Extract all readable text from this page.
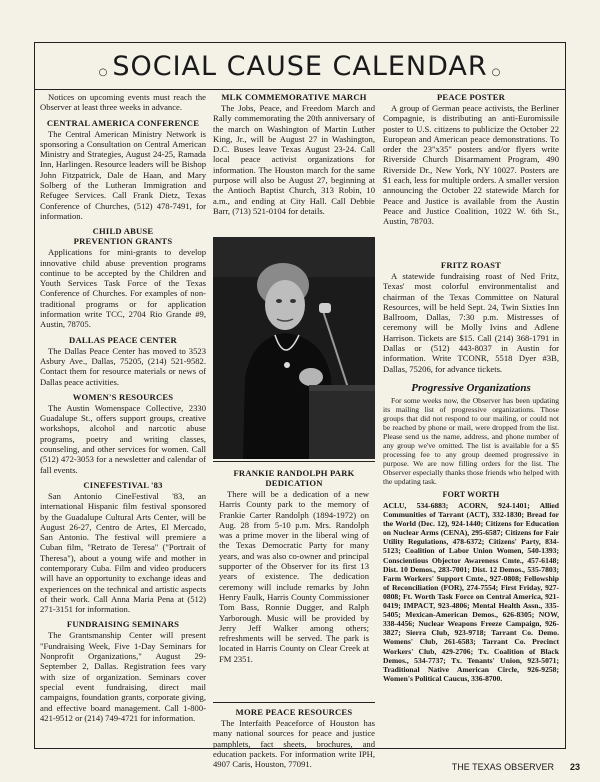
○ SOCIAL CAUSE CALENDAR ○

Notices on upcoming events must reach the Observer at least three weeks in advance.

CENTRAL AMERICA CONFERENCE

The Central American Ministry Network is sponsoring a Consultation on Central American Ministry and Strategies, August 24-25, Ramada Inn, Harlingen. Resource leaders will be Bishop John Fitzpatrick, Dale de Haan, and Mary Solberg of the Lutheran Immigration and Refugee Services. Call Frank Dietz, Texas Conference of Churches, (512) 478-7491, for information.

CHILD ABUSE PREVENTION GRANTS

Applications for mini-grants to develop innovative child abuse prevention programs continue to be accepted by the Children and Youth Services Task Force of the Texas Conference of Churches. For examples of non-traditional programs or for application information write TCC, 2704 Rio Grande #9, Austin, 78705.

DALLAS PEACE CENTER

The Dallas Peace Center has moved to 3523 Asbury Ave., Dallas, 75205, (214) 521-9582. Contact them for resource materials or news of Dallas peace activities.

WOMEN'S RESOURCES

The Austin Womenspace Collective, 2330 Guadalupe St., offers support groups, creative workshops, alcohol and narcotic abuse programs, poetry and writing classes, counseling, and other services for women. Call (512) 472-3053 for a newsletter and calendar of fall events.

CINEFESTIVAL '83

San Antonio CineFestival '83, an international Hispanic film festival sponsored by the Guadalupe Cultural Arts Center, will be August 26-27, Centro de Artes, El Mercado, San Antonio. The festival will premiere a Cuban film, "Retrato de Teresa" ("Portrait of Theresa"), about a young wife and mother in contemporary Cuba. Film and video producers will have an opportunity to exchange ideas and experiences on the technical and artistic aspects of their work. Call Anna Maria Pena at (512) 271-3151 for information.

FUNDRAISING SEMINARS

The Grantsmanship Center will present "Fundraising Week, Five 1-Day Seminars for Nonprofit Organizations," August 29-September 2, Dallas. Registration fees vary with size of organization. Seminars cover special event fundraising, direct mail campaigns, foundation grants, corporate giving, and effective board management. Call 1-800-421-9512 or (214) 749-4721 for information.

MLK COMMEMORATIVE MARCH

The Jobs, Peace, and Freedom March and Rally commemorating the 20th anniversary of the march on Washington of Martin Luther King, Jr., will be August 27 in Washington, D.C. Buses leave Texas August 23-24. Call local peace activist organizations for information. The Houston march for the same purpose will also be August 27, beginning at the Antioch Baptist Church, 313 Robin, 10 a.m., and ending at City Hall. Call Debbie Barr, (713) 521-0104 for details.

FRANKIE RANDOLPH PARK DEDICATION

There will be a dedication of a new Harris County park to the memory of Frankie Carter Randolph (1894-1972) on Aug. 28 from 5-10 p.m. Mrs. Randolph was a prime mover in the liberal wing of the Texas Democratic Party for many years, and was also co-owner and principal supporter of the Observer for its first 13 years of existence. The dedication ceremony will include remarks by John Henry Faulk, Harris County Commissioner Tom Bass, Ronnie Dugger, and Ralph Yarborough. Music will be provided by Jerry Jeff Walker among others; refreshments will be served. The park is located in Harris County on Clear Creek at FM 2351.

MORE PEACE RESOURCES

The Interfaith Peaceforce of Houston has many national sources for peace and justice pamphlets, fact sheets, brochures, and education packets. For information write IPH, 4907 Caris, Houston, 77091.

PEACE POSTER

A group of German peace activists, the Berliner Compagnie, is distributing an anti-Euromissile poster to U.S. citizens to publicize the October 22 European and American peace demonstrations. To order the 23"x35" posters and/or flyers write Riverside Church Disarmament Program, 490 Riverside Dr., New York, NY 10027. Posters are $1 each, less for multiple orders. A smaller version announcing the October 22 statewide March for Peace and Justice is available from the Austin Peace and Justice Coalition, 1022 W. 6th St., Austin, 78703.

FRITZ ROAST

A statewide fundraising roast of Ned Fritz, Texas' most colorful environmentalist and chairman of the Texas Committee on Natural Resources, will be held Sept. 24, Twin Sixties Inn Ballroom, Dallas, 7:30 p.m. Mistresses of ceremony will be Molly Ivins and Adlene Harrison. Tickets are $15. Call (214) 368-1791 in Dallas or (512) 443-8037 in Austin for information. Write TCONR, 5518 Dyer #3B, Dallas, 75206, for advance tickets.

Progressive Organizations

For some weeks now, the Observer has been updating its mailing list of progressive organizations. Those groups that did not respond to our mailing, or could not be reached by phone or mail, were dropped from the list. Please send us the name, address, and phone number of any group we've omitted. The list is available for a $5 processing fee to any group deemed progressive in purpose. We are now filling orders for the list. The Observer especially thanks those friends who helped with the updating task.

FORT WORTH

ACLU, 534-6883; ACORN, 924-1401; Allied Communities of Tarrant (ACT), 332-1830; Bread for the World (Dec. 12), 924-1440; Citizens for Education on Nuclear Arms (CENA), 295-6587; Citizens for Fair Utility Regulations, 478-6372; Citizens' Party, 834-5123; Coalition of Labor Union Women, 540-1393; Conscientious Objector Awareness Cmte., 457-6148; Dist. 10 Demos., 283-7001; Dist. 12 Demos., 535-7803; Farm Workers' Support Cmte., 927-0808; Fellowship of Reconciliation (FOR), 274-7554; First Friday, 927-0808; Ft. Worth Task Force on Central America, 921-0419; IMPACT, 923-4806; Mental Health Assn., 335-5405; Mexican-American Demos., 626-8305; NOW, 338-4456; Nuclear Weapons Freeze Campaign, 926-3827; Sierra Club, 923-9718; Tarrant Co. Demo. Womens' Club, 261-6583; Tarrant Co. Precinct Workers' Club, 429-2706; Tx. Coalition of Black Demos., 534-7737; Tx. Tenants' Union, 923-5071; Traditional Native American Circle, 926-9258; Women's Political Caucus, 336-8700.

THE TEXAS OBSERVER 23
